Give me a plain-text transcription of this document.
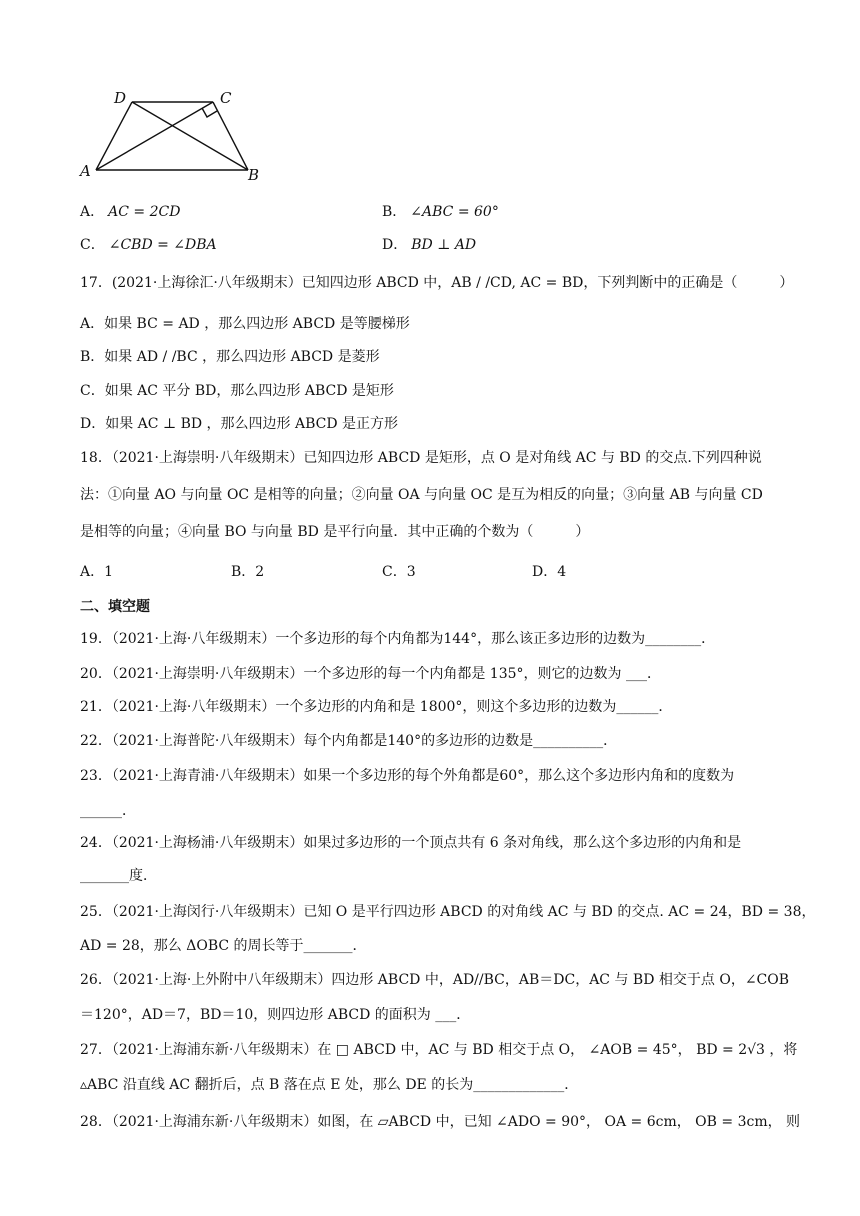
D	C
A	B
A． AC = 2CD	B． ∠ABC = 60°
C． ∠CBD = ∠DBA	D． BD ⊥ AD
17．(2021·上海徐汇·八年级期末）已知四边形 ABCD 中，AB / /CD, AC = BD，下列判断中的正确是（　　　）
A．如果 BC = AD ，那么四边形 ABCD 是等腰梯形
B．如果 AD / /BC ，那么四边形 ABCD 是菱形
C．如果 AC 平分 BD，那么四边形 ABCD 是矩形
D．如果 AC ⊥ BD ，那么四边形 ABCD 是正方形
18．（2021·上海崇明·八年级期末）已知四边形 ABCD 是矩形，点 O 是对角线 AC 与 BD 的交点.下列四种说
法：①向量 AO 与向量 OC 是相等的向量；②向量 OA 与向量 OC 是互为相反的向量；③向量 AB 与向量 CD
是相等的向量；④向量 BO 与向量 BD 是平行向量．其中正确的个数为（　　　）
A．1	B．2	C．3	D．4
二、填空题
19．（2021·上海·八年级期末）一个多边形的每个内角都为144°，那么该正多边形的边数为________．
20．（2021·上海崇明·八年级期末）一个多边形的每一个内角都是 135°，则它的边数为 ___．
21．（2021·上海·八年级期末）一个多边形的内角和是 1800°，则这个多边形的边数为______．
22．（2021·上海普陀·八年级期末）每个内角都是140°的多边形的边数是__________．
23．（2021·上海青浦·八年级期末）如果一个多边形的每个外角都是60°，那么这个多边形内角和的度数为
______．
24．（2021·上海杨浦·八年级期末）如果过多边形的一个顶点共有 6 条对角线，那么这个多边形的内角和是
_______度．
25．（2021·上海闵行·八年级期末）已知 O 是平行四边形 ABCD 的对角线 AC 与 BD 的交点. AC = 24，BD = 38，
AD = 28，那么 ΔOBC 的周长等于_______．
26．（2021·上海·上外附中八年级期末）四边形 ABCD 中，AD//BC，AB＝DC，AC 与 BD 相交于点 O，∠COB
＝120°，AD＝7，BD＝10，则四边形 ABCD 的面积为 ___．
27．（2021·上海浦东新·八年级期末）在 □ ABCD 中，AC 与 BD 相交于点 O， ∠AOB = 45°， BD = 2√3 ，将
▵ABC 沿直线 AC 翻折后，点 B 落在点 E 处，那么 DE 的长为_____________．
28．（2021·上海浦东新·八年级期末）如图，在 ▱ABCD 中，已知 ∠ADO = 90°， OA = 6cm， OB = 3cm， 则
